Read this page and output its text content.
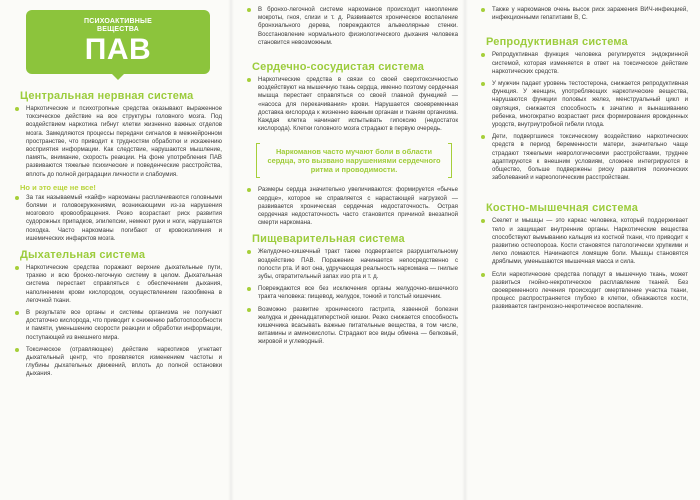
ПСИХОАКТИВНЫЕ
ВЕЩЕСТВА
ПАВ
Центральная нервная система
Наркотические и психотропные средства оказывают выраженное токсическое действие на все структуры головного мозга. Под воздействием наркотика гибнут клетки жизненно важных отделов мозга. Замедляются процессы передачи сигналов в межнейронном пространстве, что приводит к трудностям обработки и искажению восприятия информации. Как следствие, нарушаются мышление, память, внимание, скорость реакции. На фоне употребления ПАВ развиваются тяжелые психические и поведенческие расстройства, вплоть до полной деградации личности и слабоумия.
Но и это еще не все!
За так называемый «кайф» наркоманы расплачиваются головными болями и головокружениями, возникающими из-за нарушения мозгового кровообращения. Резко возрастает риск развития судорожных припадков, эпилепсии, немеют руки и ноги, нарушается походка. Часто наркоманы погибают от кровоизлияния и ишемических инфарктов мозга.
Дыхательная система
Наркотические средства поражают верхние дыхательные пути, трахею и всю бронхо-легочную систему в целом. Дыхательная система перестает справляться с обеспечением дыхания, наполнением крови кислородом, осуществлением газообмена в легочной ткани.
В результате все органы и системы организма не получают достаточно кислорода, что приводит к снижению работоспособности и памяти, уменьшению скорости реакции и обработки информации, поступающей из внешнего мира.
Токсическое (отравляющее) действие наркотиков угнетает дыхательный центр, что проявляется изменением частоты и глубины дыхательных движений, вплоть до полной остановки дыхания.
В бронхо-легочной системе наркоманов происходит накопление мокроты, гноя, слизи и т. д. Развивается хроническое воспаление бронхиального дерева, повреждаются альвеолярные стенки. Восстановление нормального физиологического дыхания человека становится невозможным.
Сердечно-сосудистая система
Наркотические средства в связи со своей сверхтоксичностью воздействуют на мышечную ткань сердца, именно поэтому сердечная мышца перестает справляться со своей главной функцией — «насоса для перекачивания» крови. Нарушается своевременная доставка кислорода к жизненно важным органам и тканям организма. Каждая клетка начинает испытывать гипоксию (недостаток кислорода). Клетки головного мозга страдают в первую очередь.
Наркоманов часто мучают боли в области сердца, это вызвано нарушениями сердечного ритма и проводимости.
Размеры сердца значительно увеличиваются: формируется «бычье сердце», которое не справляется с нарастающей нагрузкой — развивается хроническая сердечная недостаточность. Острая сердечная недостаточность часто становится причиной внезапной смерти наркомана.
Пищеварительная система
Желудочно-кишечный тракт также подвергается разрушительному воздействию ПАВ. Поражение начинается непосредственно с полости рта. И вот она, удручающая реальность наркомана — гнилые зубы, отвратительный запах изо рта и т. д.
Повреждаются все без исключения органы желудочно-кишечного тракта человека: пищевод, желудок, тонкий и толстый кишечник.
Возможно развитие хронического гастрита, язвенной болезни желудка и двенадцатиперстной кишки. Резко снижается способность кишечника всасывать важные питательные вещества, в том числе, витамины и аминокислоты. Страдают все виды обмена — белковый, жировой и углеводный.
Также у наркоманов очень высок риск заражения ВИЧ-инфекцией, инфекционными гепатитами В, С.
Репродуктивная система
Репродуктивная функция человека регулируется эндокринной системой, которая изменяется в ответ на токсическое действие наркотических средств.
У мужчин падает уровень тестостерона, снижается репродуктивная функция. У женщин, употребляющих наркотические вещества, нарушаются функции половых желез, менструальный цикл и овуляция, снижается способность к зачатию и вынашиванию ребенка, многократно возрастает риск формирования врожденных уродств, внутриутробной гибели плода.
Дети, подвергшиеся токсическому воздействию наркотических средств в период беременности матери, значительно чаще страдают тяжелыми неврологическими расстройствами, труднее адаптируются к внешним условиям, сложнее интегрируются в общество, больше подвержены риску развития психических заболеваний и наркологическим расстройствам.
Костно-мышечная система
Скелет и мышцы — это каркас человека, который поддерживает тело и защищает внутренние органы. Наркотические вещества способствуют вымыванию кальция из костной ткани, что приводит к развитию остеопороза. Кости становятся патологически хрупкими и легко ломаются. Начинаются ломящие боли. Мышцы становятся дряблыми, уменьшаются мышечная масса и сила.
Если наркотические средства попадут в мышечную ткань, может развиться гнойно-некротическое расплавление тканей. Без своевременного лечения происходит омертвление участка ткани, процесс распространяется глубоко в клетки, обнажаются кости, развивается гангренозно-некротическое воспаление.
